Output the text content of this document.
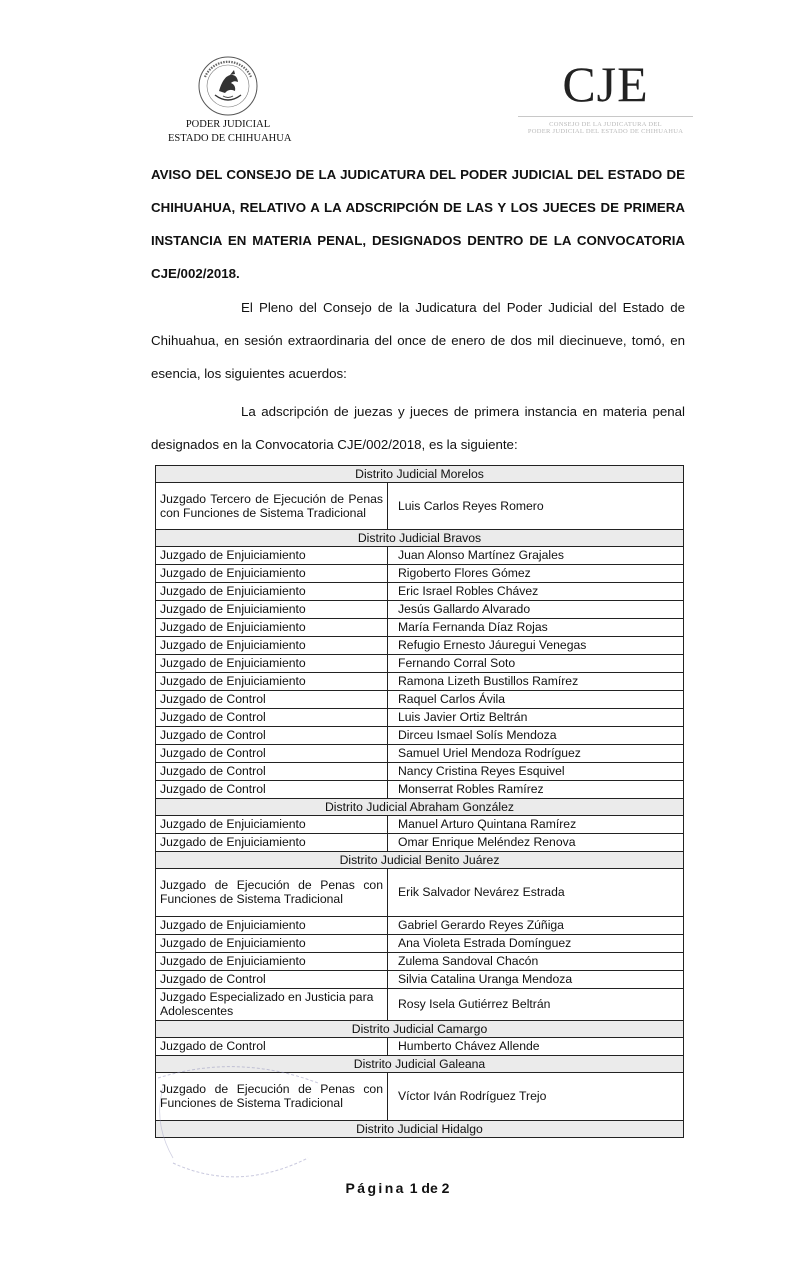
PODER JUDICIAL
ESTADO DE CHIHUAHUA
CJE
CONSEJO DE LA JUDICATURA DEL
PODER JUDICIAL DEL ESTADO DE CHIHUAHUA
AVISO DEL CONSEJO DE LA JUDICATURA DEL PODER JUDICIAL DEL ESTADO DE CHIHUAHUA, RELATIVO A LA ADSCRIPCIÓN DE LAS Y LOS JUECES DE PRIMERA INSTANCIA EN MATERIA PENAL, DESIGNADOS DENTRO DE LA CONVOCATORIA CJE/002/2018.
El Pleno del Consejo de la Judicatura del Poder Judicial del Estado de Chihuahua, en sesión extraordinaria del once de enero de dos mil diecinueve, tomó, en esencia, los siguientes acuerdos:
La adscripción de juezas y jueces de primera instancia en materia penal designados en la Convocatoria CJE/002/2018, es la siguiente:
Distrito Judicial Morelos	
Juzgado Tercero de Ejecución de Penas con Funciones de Sistema Tradicional	Luis Carlos Reyes Romero
Distrito Judicial Bravos	
Juzgado de Enjuiciamiento	Juan Alonso Martínez Grajales
Juzgado de Enjuiciamiento	Rigoberto Flores Gómez
Juzgado de Enjuiciamiento	Eric Israel Robles Chávez
Juzgado de Enjuiciamiento	Jesús Gallardo Alvarado
Juzgado de Enjuiciamiento	María Fernanda Díaz Rojas
Juzgado de Enjuiciamiento	Refugio Ernesto Jáuregui Venegas
Juzgado de Enjuiciamiento	Fernando Corral Soto
Juzgado de Enjuiciamiento	Ramona Lizeth Bustillos Ramírez
Juzgado de Control	Raquel Carlos Ávila
Juzgado de Control	Luis Javier Ortiz Beltrán
Juzgado de Control	Dirceu Ismael Solís Mendoza
Juzgado de Control	Samuel Uriel Mendoza Rodríguez
Juzgado de Control	Nancy Cristina Reyes Esquivel
Juzgado de Control	Monserrat Robles Ramírez
Distrito Judicial Abraham González	
Juzgado de Enjuiciamiento	Manuel Arturo Quintana Ramírez
Juzgado de Enjuiciamiento	Omar Enrique Meléndez Renova
Distrito Judicial Benito Juárez	
Juzgado de Ejecución de Penas con Funciones de Sistema Tradicional	Erik Salvador Nevárez Estrada
Juzgado de Enjuiciamiento	Gabriel Gerardo Reyes Zúñiga
Juzgado de Enjuiciamiento	Ana Violeta Estrada Domínguez
Juzgado de Enjuiciamiento	Zulema Sandoval Chacón
Juzgado de Control	Silvia Catalina Uranga Mendoza
Juzgado Especializado en Justicia para Adolescentes	Rosy Isela Gutiérrez Beltrán
Distrito Judicial Camargo	
Juzgado de Control	Humberto Chávez Allende
Distrito Judicial Galeana	
Juzgado de Ejecución de Penas con Funciones de Sistema Tradicional	Víctor Iván Rodríguez Trejo
Distrito Judicial Hidalgo	
Página 1 de 2
